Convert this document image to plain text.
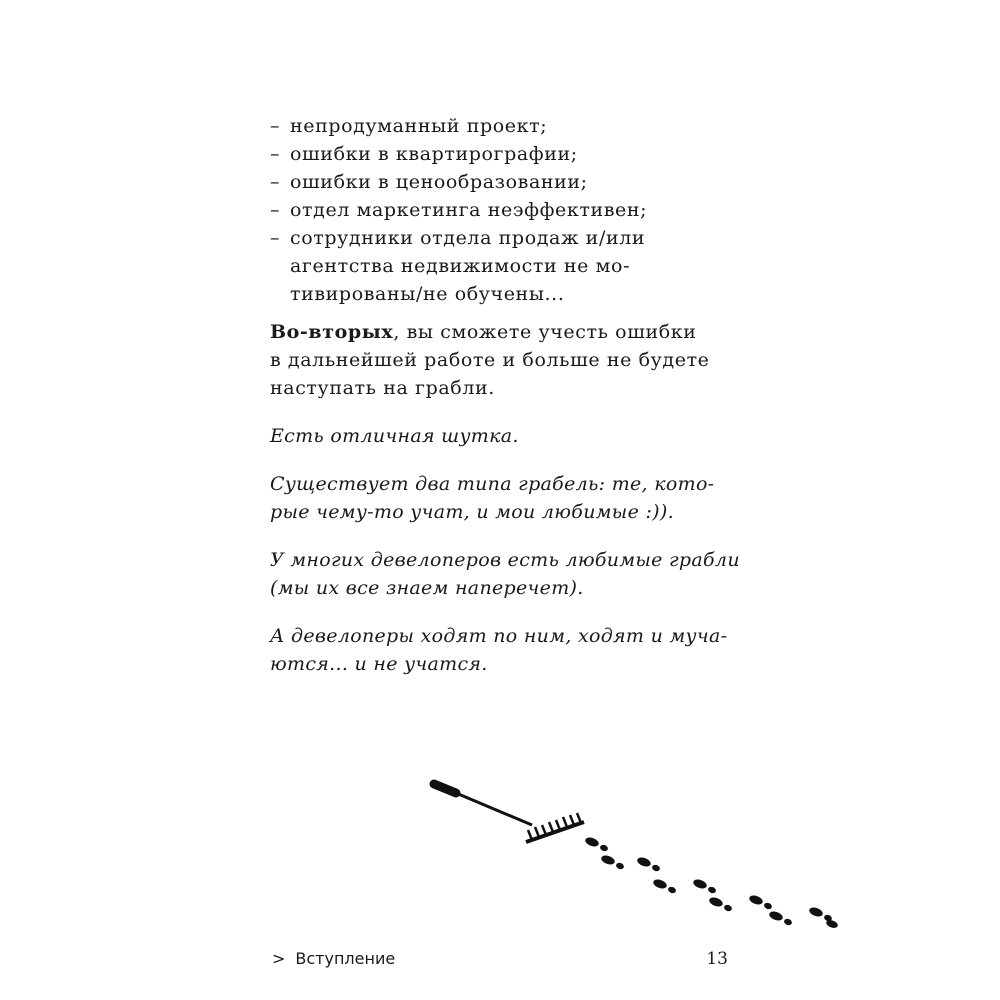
– непродуманный проект;
– ошибки в квартирографии;
– ошибки в ценообразовании;
– отдел маркетинга неэффективен;
– сотрудники отдела продаж и/или
агентства недвижимости не мо-
тивированы/не обучены...

Во-вторых, вы сможете учесть ошибки
в дальнейшей работе и больше не будете
наступать на грабли.

Есть отличная шутка.

Существует два типа грабель: те, кото-
рые чему-то учат, и мои любимые :)).

У многих девелоперов есть любимые грабли
(мы их все знаем наперечет).

А девелоперы ходят по ним, ходят и муча-
ются... и не учатся.

> Вступление	13
